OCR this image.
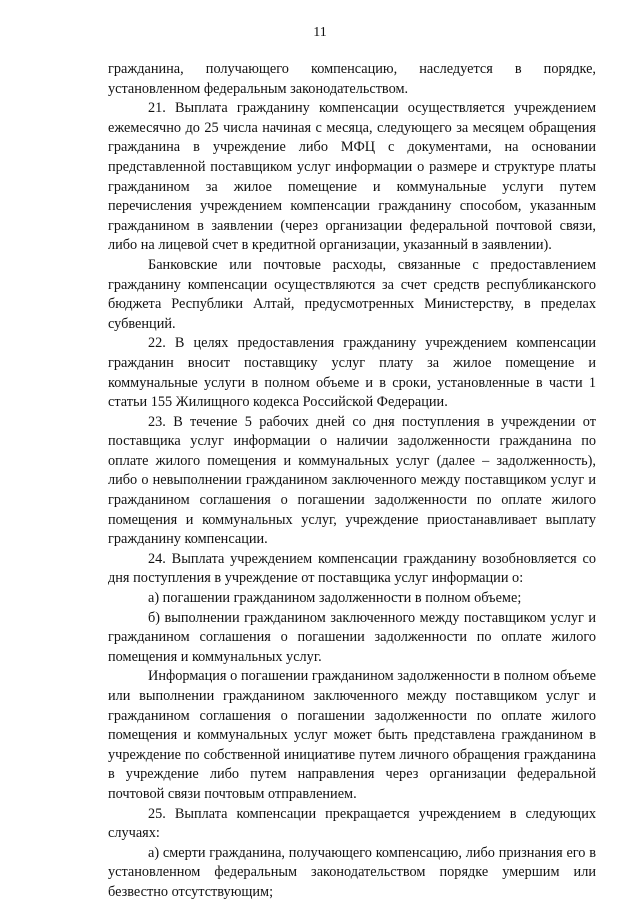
11

гражданина, получающего компенсацию, наследуется в порядке, установленном федеральным законодательством.

21. Выплата гражданину компенсации осуществляется учреждением ежемесячно до 25 числа начиная с месяца, следующего за месяцем обращения гражданина в учреждение либо МФЦ с документами, на основании представленной поставщиком услуг информации о размере и структуре платы гражданином за жилое помещение и коммунальные услуги путем перечисления учреждением компенсации гражданину способом, указанным гражданином в заявлении (через организации федеральной почтовой связи, либо на лицевой счет в кредитной организации, указанный в заявлении).

Банковские или почтовые расходы, связанные с предоставлением гражданину компенсации осуществляются за счет средств республиканского бюджета Республики Алтай, предусмотренных Министерству, в пределах субвенций.

22. В целях предоставления гражданину учреждением компенсации гражданин вносит поставщику услуг плату за жилое помещение и коммунальные услуги в полном объеме и в сроки, установленные в части 1 статьи 155 Жилищного кодекса Российской Федерации.

23. В течение 5 рабочих дней со дня поступления в учреждении от поставщика услуг информации о наличии задолженности гражданина по оплате жилого помещения и коммунальных услуг (далее – задолженность), либо о невыполнении гражданином заключенного между поставщиком услуг и гражданином соглашения о погашении задолженности по оплате жилого помещения и коммунальных услуг, учреждение приостанавливает выплату гражданину компенсации.

24. Выплата учреждением компенсации гражданину возобновляется со дня поступления в учреждение от поставщика услуг информации о:

а) погашении гражданином задолженности в полном объеме;

б) выполнении гражданином заключенного между поставщиком услуг и гражданином соглашения о погашении задолженности по оплате жилого помещения и коммунальных услуг.

Информация о погашении гражданином задолженности в полном объеме или выполнении гражданином заключенного между поставщиком услуг и гражданином соглашения о погашении задолженности по оплате жилого помещения и коммунальных услуг может быть представлена гражданином в учреждение по собственной инициативе путем личного обращения гражданина в учреждение либо путем направления через организации федеральной почтовой связи почтовым отправлением.

25. Выплата компенсации прекращается учреждением в следующих случаях:

а) смерти гражданина, получающего компенсацию, либо признания его в установленном федеральным законодательством порядке умершим или безвестно отсутствующим;
